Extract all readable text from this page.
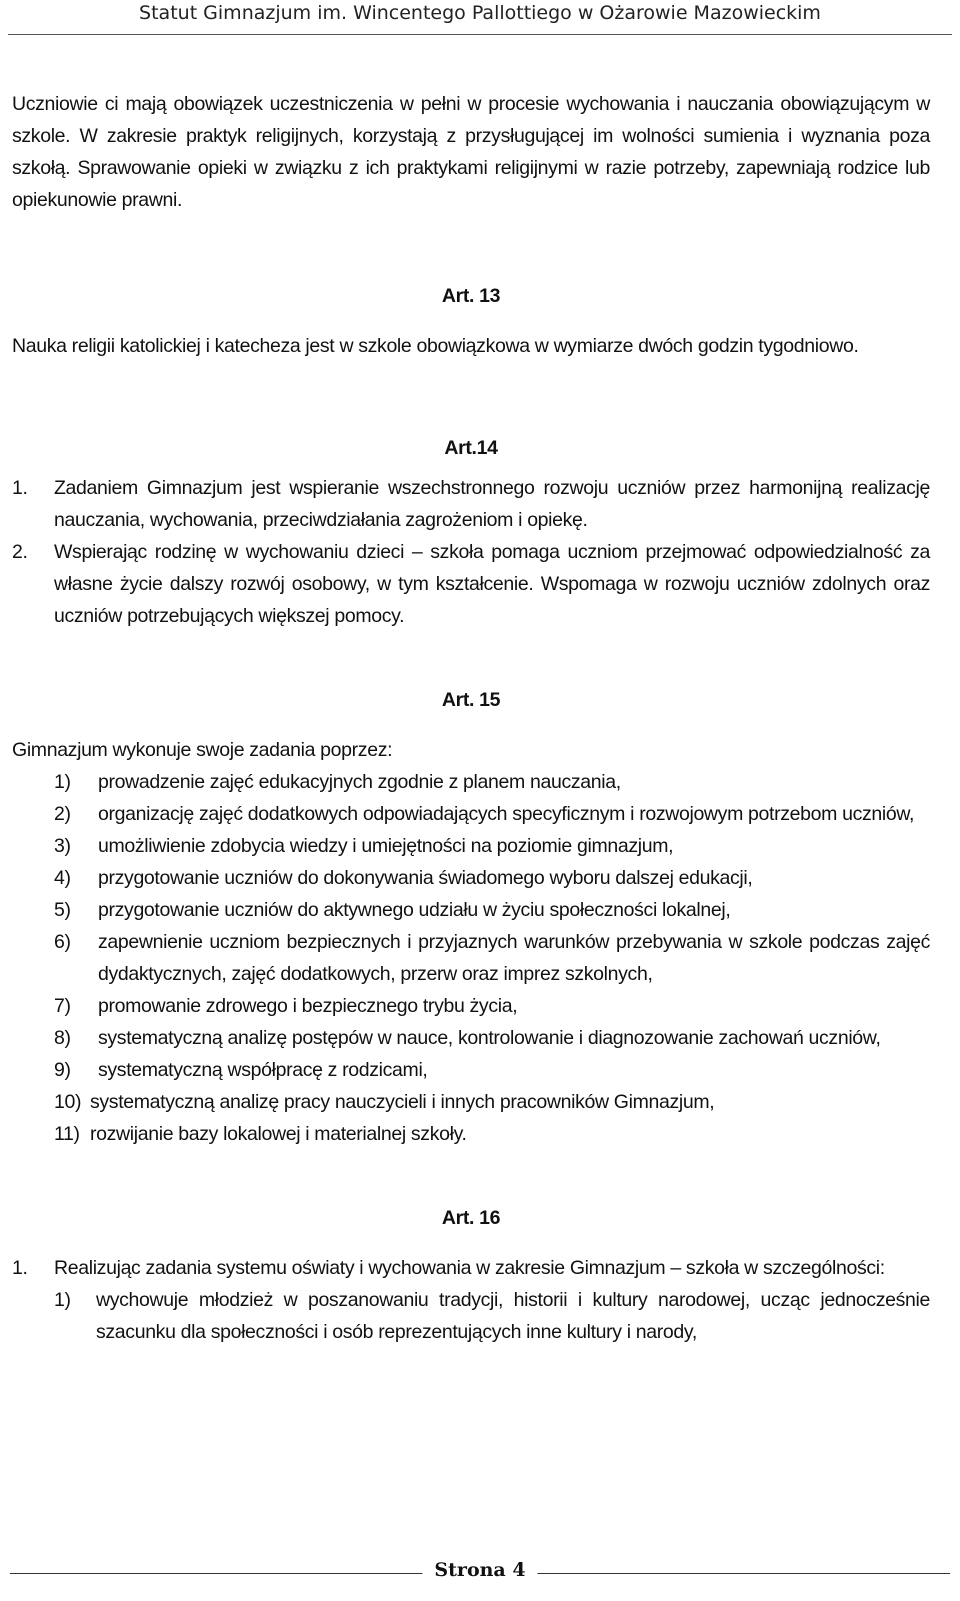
Statut Gimnazjum im. Wincentego Pallottiego w Ożarowie Mazowieckim

Uczniowie ci mają obowiązek uczestniczenia w pełni w procesie wychowania i nauczania obowiązującym w szkole. W zakresie praktyk religijnych, korzystają z przysługującej im wolności sumienia i wyznania poza szkołą. Sprawowanie opieki w związku z ich praktykami religijnymi w razie potrzeby, zapewniają rodzice lub opiekunowie prawni.

Art. 13

Nauka religii katolickiej i katecheza jest w szkole obowiązkowa w wymiarze dwóch godzin tygodniowo.

Art.14

1.	Zadaniem Gimnazjum jest wspieranie wszechstronnego rozwoju uczniów przez harmonijną realizację nauczania, wychowania, przeciwdziałania zagrożeniom i opiekę.
2.	Wspierając rodzinę w wychowaniu dzieci – szkoła pomaga uczniom przejmować odpowiedzialność za własne życie dalszy rozwój osobowy, w tym kształcenie. Wspomaga w rozwoju uczniów zdolnych oraz uczniów potrzebujących większej pomocy.

Art. 15

Gimnazjum wykonuje swoje zadania poprzez:

1)	prowadzenie zajęć edukacyjnych zgodnie z planem nauczania,
2)	organizację zajęć dodatkowych odpowiadających specyficznym i rozwojowym potrzebom uczniów,
3)	umożliwienie zdobycia wiedzy i umiejętności na poziomie gimnazjum,
4)	przygotowanie uczniów do dokonywania świadomego wyboru dalszej edukacji,
5)	przygotowanie uczniów do aktywnego udziału w życiu społeczności lokalnej,
6)	zapewnienie uczniom bezpiecznych i przyjaznych warunków przebywania w szkole podczas zajęć dydaktycznych, zajęć dodatkowych, przerw oraz imprez szkolnych,
7)	promowanie zdrowego i bezpiecznego trybu życia,
8)	systematyczną analizę postępów w nauce, kontrolowanie i diagnozowanie zachowań uczniów,
9)	systematyczną współpracę z rodzicami,
10) systematyczną analizę pracy nauczycieli i innych pracowników Gimnazjum,
11) rozwijanie bazy lokalowej i materialnej szkoły.

Art. 16

1.	Realizując zadania systemu oświaty i wychowania w zakresie Gimnazjum – szkoła w szczególności:
1)	wychowuje młodzież w poszanowaniu tradycji, historii i kultury narodowej, ucząc jednocześnie szacunku dla społeczności i osób reprezentujących inne kultury i narody,
Strona 4
